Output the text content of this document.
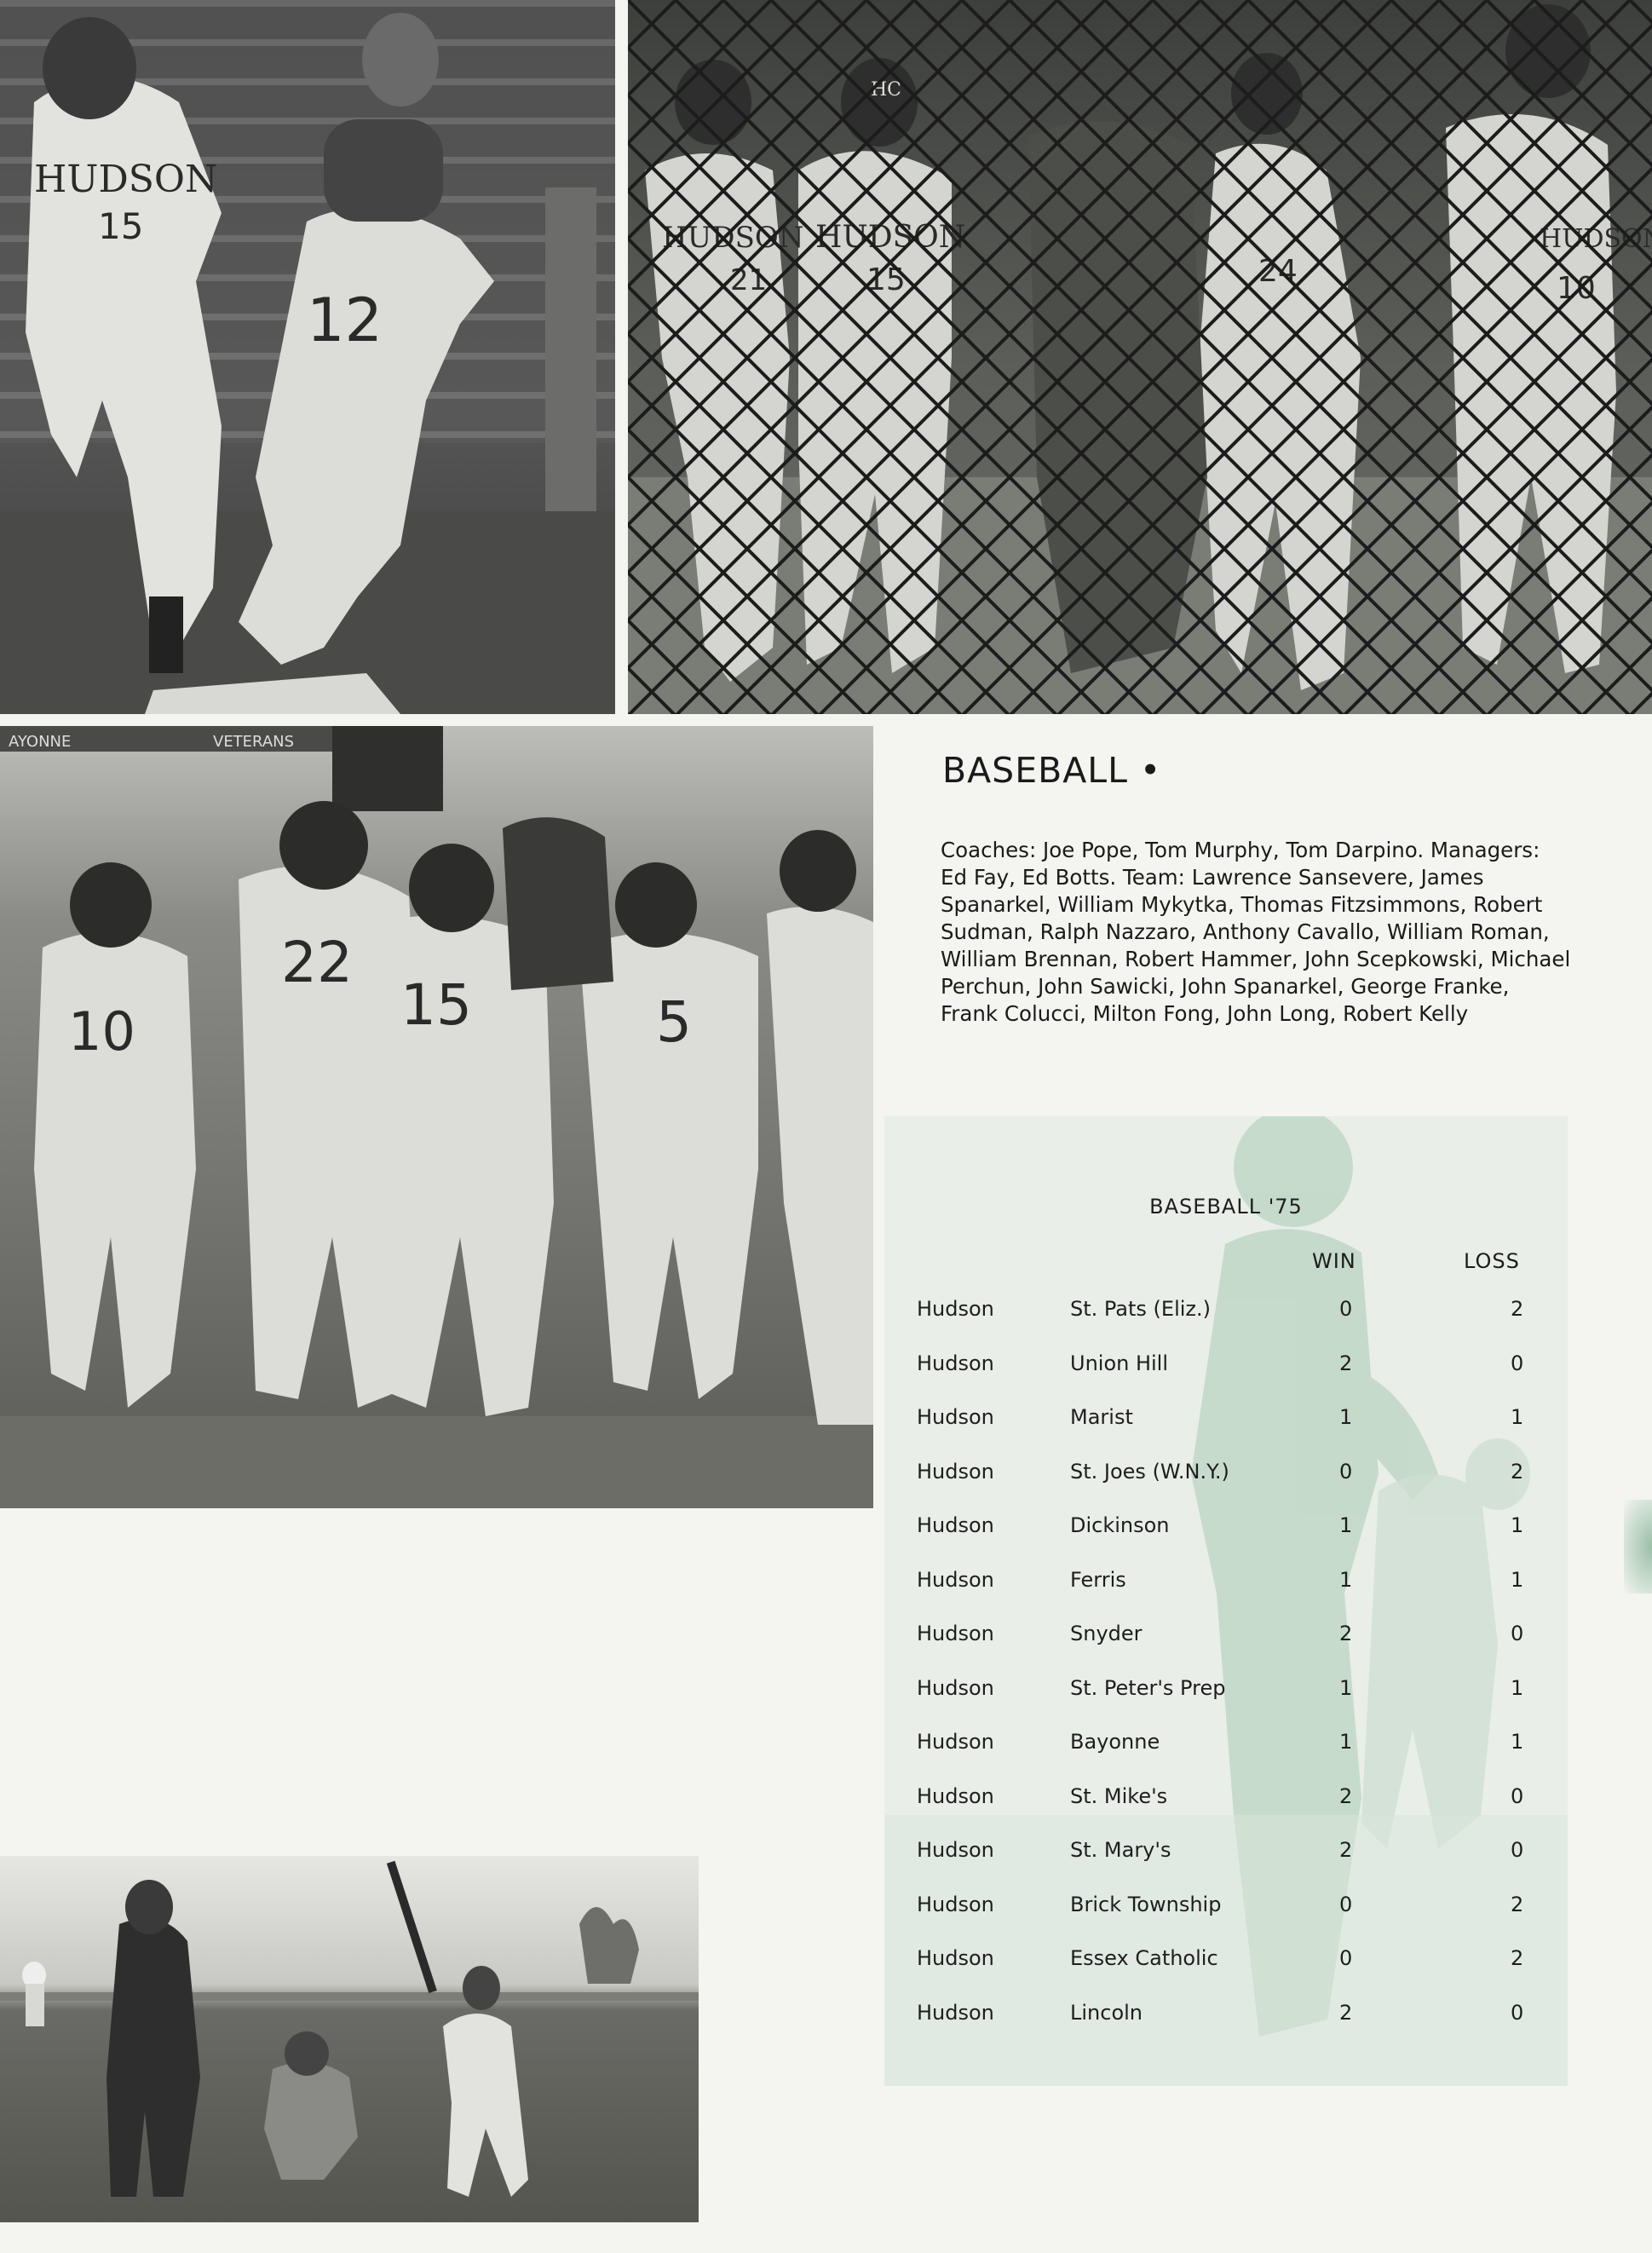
HUDSON
15
12
AYONNE	VETERANS
10
22
15	5
BASEBALL •
Coaches: Joe Pope, Tom Murphy, Tom Darpino. Managers: Ed Fay, Ed Botts. Team: Lawrence Sansevere, James Spanarkel, William Mykytka, Thomas Fitzsimmons, Robert Sudman, Ralph Nazzaro, Anthony Cavallo, William Roman, William Brennan, Robert Hammer, John Scepkowski, Michael Perchun, John Sawicki, John Spanarkel, George Franke, Frank Colucci, Milton Fong, John Long, Robert Kelly
BASEBALL '75
WIN	LOSS
Hudson	St. Pats (Eliz.)	0	2
Hudson	Union Hill	2	0
Hudson	Marist	1	1
Hudson	St. Joes (W.N.Y.)	0	2
Hudson	Dickinson	1	1
Hudson	Ferris	1	1
Hudson	Snyder	2	0
Hudson	St. Peter's Prep	1	1
Hudson	Bayonne	1	1
Hudson	St. Mike's	2	0
Hudson	St. Mary's	2	0
Hudson	Brick Township	0	2
Hudson	Essex Catholic	0	2
Hudson	Lincoln	2	0
